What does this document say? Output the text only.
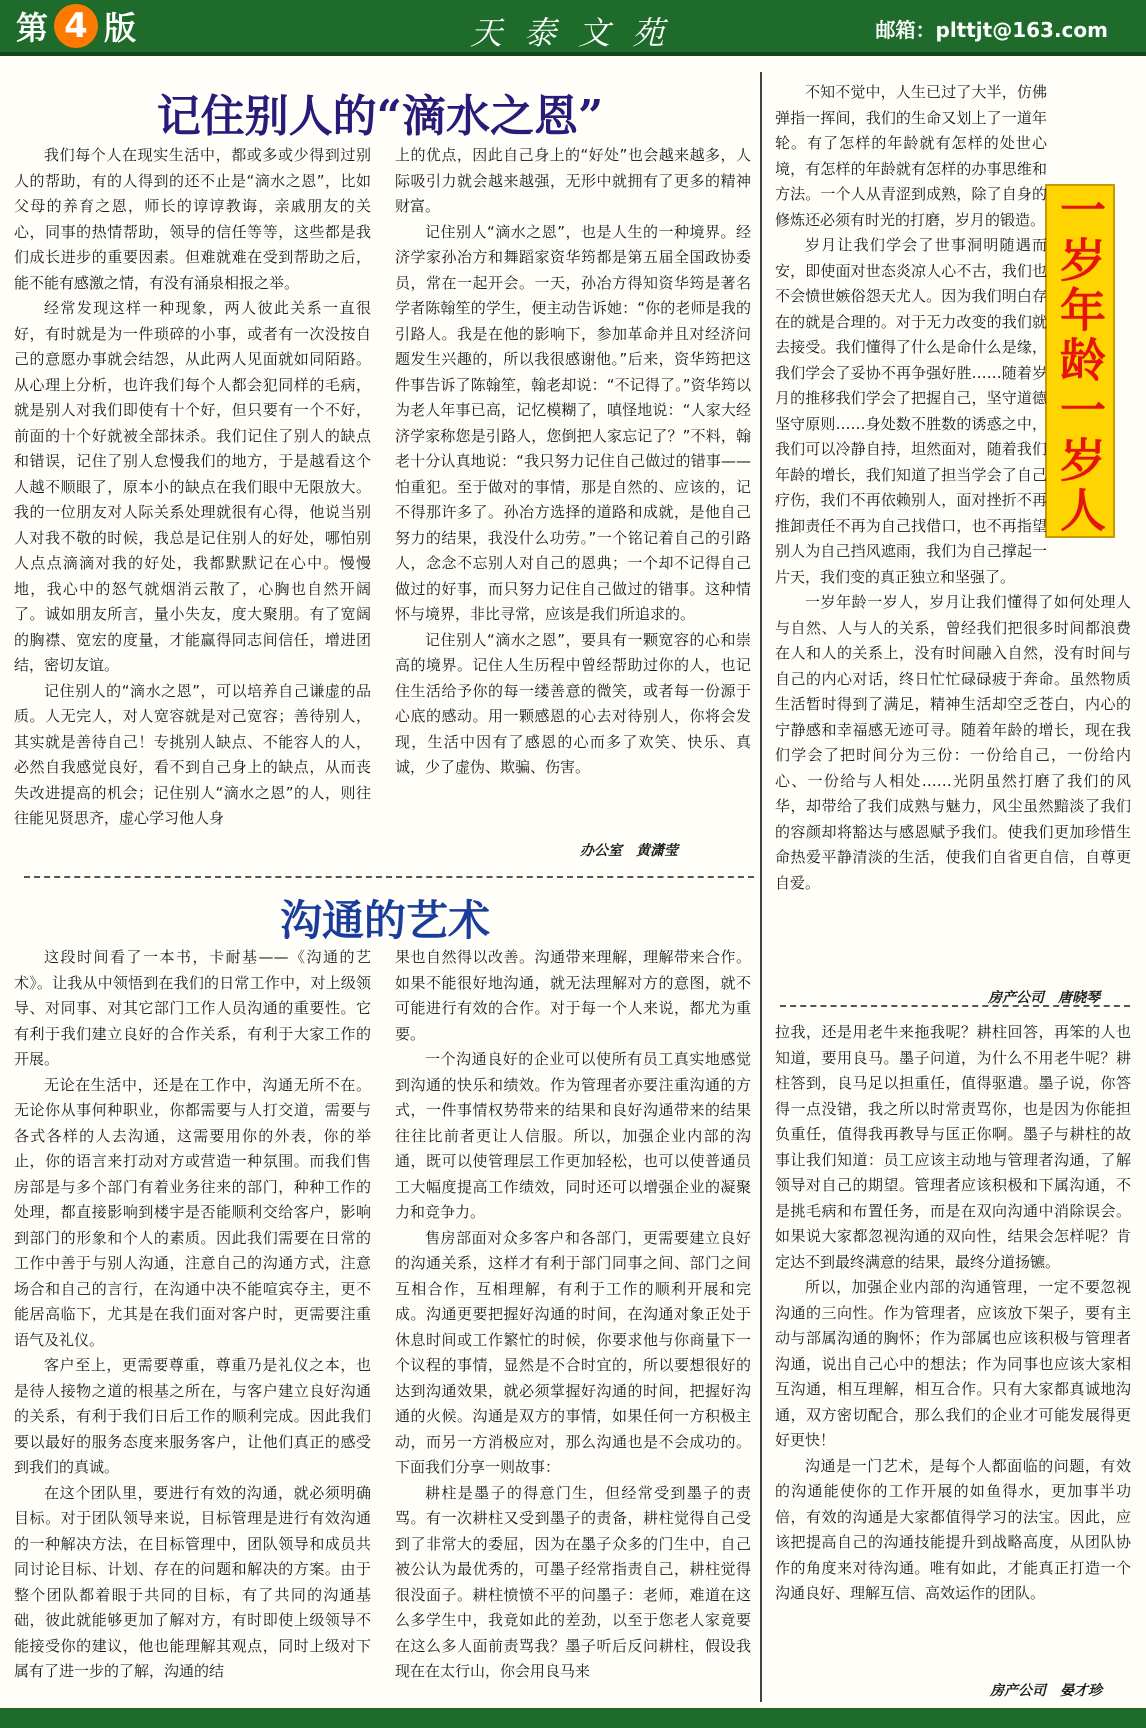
第 4 版	天泰文苑	邮箱：plttjt@163.com
记住别人的“滴水之恩”

我们每个人在现实生活中，都或多或少得到过别人的帮助，有的人得到的还不止是“滴水之恩”，比如父母的养育之恩，师长的谆谆教诲，亲戚朋友的关心，同事的热情帮助，领导的信任等等，这些都是我们成长进步的重要因素。但难就难在受到帮助之后，能不能有感激之情，有没有涌泉相报之举。

经常发现这样一种现象，两人彼此关系一直很好，有时就是为一件琐碎的小事，或者有一次没按自己的意愿办事就会结怨，从此两人见面就如同陌路。从心理上分析，也许我们每个人都会犯同样的毛病，就是别人对我们即使有十个好，但只要有一个不好，前面的十个好就被全部抹杀。我们记住了别人的缺点和错误，记住了别人怠慢我们的地方，于是越看这个人越不顺眼了，原本小的缺点在我们眼中无限放大。我的一位朋友对人际关系处理就很有心得，他说当别人对我不敬的时候，我总是记住别人的好处，哪怕别人点点滴滴对我的好处，我都默默记在心中。慢慢地，我心中的怒气就烟消云散了，心胸也自然开阔了。诚如朋友所言，量小失友，度大聚朋。有了宽阔的胸襟、宽宏的度量，才能赢得同志间信任，增进团结，密切友谊。

记住别人的“滴水之恩”，可以培养自己谦虚的品质。人无完人，对人宽容就是对己宽容；善待别人，其实就是善待自己！专挑别人缺点、不能容人的人，必然自我感觉良好，看不到自己身上的缺点，从而丧失改进提高的机会；记住别人“滴水之恩”的人，则往往能见贤思齐，虚心学习他人身

上的优点，因此自己身上的“好处”也会越来越多，人际吸引力就会越来越强，无形中就拥有了更多的精神财富。

记住别人“滴水之恩”，也是人生的一种境界。经济学家孙冶方和舞蹈家资华筠都是第五届全国政协委员，常在一起开会。一天，孙冶方得知资华筠是著名学者陈翰笙的学生，便主动告诉她：“你的老师是我的引路人。我是在他的影响下，参加革命并且对经济问题发生兴趣的，所以我很感谢他。”后来，资华筠把这件事告诉了陈翰笙，翰老却说：“不记得了。”资华筠以为老人年事已高，记忆模糊了，嗔怪地说：“人家大经济学家称您是引路人，您倒把人家忘记了？”不料，翰老十分认真地说：“我只努力记住自己做过的错事——怕重犯。至于做对的事情，那是自然的、应该的，记不得那许多了。孙冶方选择的道路和成就，是他自己努力的结果，我没什么功劳。”一个铭记着自己的引路人，念念不忘别人对自己的恩典；一个却不记得自己做过的好事，而只努力记住自己做过的错事。这种情怀与境界，非比寻常，应该是我们所追求的。

记住别人“滴水之恩”，要具有一颗宽容的心和崇高的境界。记住人生历程中曾经帮助过你的人，也记住生活给予你的每一缕善意的微笑，或者每一份源于心底的感动。用一颗感恩的心去对待别人，你将会发现，生活中因有了感恩的心而多了欢笑、快乐、真诚，少了虚伪、欺骗、伤害。

办公室　黄潇莹
沟通的艺术

这段时间看了一本书，卡耐基——《沟通的艺术》。让我从中领悟到在我们的日常工作中，对上级领导、对同事、对其它部门工作人员沟通的重要性。它有利于我们建立良好的合作关系，有利于大家工作的开展。

无论在生活中，还是在工作中，沟通无所不在。无论你从事何种职业，你都需要与人打交道，需要与各式各样的人去沟通，这需要用你的外表，你的举止，你的语言来打动对方或营造一种氛围。而我们售房部是与多个部门有着业务往来的部门，种种工作的处理，都直接影响到楼宇是否能顺利交给客户，影响到部门的形象和个人的素质。因此我们需要在日常的工作中善于与别人沟通，注意自己的沟通方式，注意场合和自己的言行，在沟通中决不能喧宾夺主，更不能居高临下，尤其是在我们面对客户时，更需要注重语气及礼仪。

客户至上，更需要尊重，尊重乃是礼仪之本，也是待人接物之道的根基之所在，与客户建立良好沟通的关系，有利于我们日后工作的顺利完成。因此我们要以最好的服务态度来服务客户，让他们真正的感受到我们的真诚。

在这个团队里，要进行有效的沟通，就必须明确目标。对于团队领导来说，目标管理是进行有效沟通的一种解决方法，在目标管理中，团队领导和成员共同讨论目标、计划、存在的问题和解决的方案。由于整个团队都着眼于共同的目标，有了共同的沟通基础，彼此就能够更加了解对方，有时即使上级领导不能接受你的建议，他也能理解其观点，同时上级对下属有了进一步的了解，沟通的结

果也自然得以改善。沟通带来理解，理解带来合作。如果不能很好地沟通，就无法理解对方的意图，就不可能进行有效的合作。对于每一个人来说，都尤为重要。

一个沟通良好的企业可以使所有员工真实地感觉到沟通的快乐和绩效。作为管理者亦要注重沟通的方式，一件事情权势带来的结果和良好沟通带来的结果往往比前者更让人信服。所以，加强企业内部的沟通，既可以使管理层工作更加轻松，也可以使普通员工大幅度提高工作绩效，同时还可以增强企业的凝聚力和竞争力。

售房部面对众多客户和各部门，更需要建立良好的沟通关系，这样才有利于部门同事之间、部门之间互相合作，互相理解，有利于工作的顺利开展和完成。沟通更要把握好沟通的时间，在沟通对象正处于休息时间或工作繁忙的时候，你要求他与你商量下一个议程的事情，显然是不合时宜的，所以要想很好的达到沟通效果，就必须掌握好沟通的时间，把握好沟通的火候。沟通是双方的事情，如果任何一方积极主动，而另一方消极应对，那么沟通也是不会成功的。下面我们分享一则故事：

耕柱是墨子的得意门生，但经常受到墨子的责骂。有一次耕柱又受到墨子的责备，耕柱觉得自己受到了非常大的委屈，因为在墨子众多的门生中，自己被公认为最优秀的，可墨子经常指责自己，耕柱觉得很没面子。耕柱愤愤不平的问墨子：老师，难道在这么多学生中，我竟如此的差劲，以至于您老人家竟要在这么多人面前责骂我？墨子听后反问耕柱，假设我现在在太行山，你会用良马来

拉我，还是用老牛来拖我呢？耕柱回答，再笨的人也知道，要用良马。墨子问道，为什么不用老牛呢？耕柱答到，良马足以担重任，值得驱遣。墨子说，你答得一点没错，我之所以时常责骂你，也是因为你能担负重任，值得我再教导与匡正你啊。墨子与耕柱的故事让我们知道：员工应该主动地与管理者沟通，了解领导对自己的期望。管理者应该积极和下属沟通，不是挑毛病和布置任务，而是在双向沟通中消除误会。如果说大家都忽视沟通的双向性，结果会怎样呢？肯定达不到最终满意的结果，最终分道扬镳。

所以，加强企业内部的沟通管理，一定不要忽视沟通的三向性。作为管理者，应该放下架子，要有主动与部属沟通的胸怀；作为部属也应该积极与管理者沟通，说出自己心中的想法；作为同事也应该大家相互沟通，相互理解，相互合作。只有大家都真诚地沟通，双方密切配合，那么我们的企业才可能发展得更好更快！

沟通是一门艺术，是每个人都面临的问题，有效的沟通能使你的工作开展的如鱼得水，更加事半功倍，有效的沟通是大家都值得学习的法宝。因此，应该把提高自己的沟通技能提升到战略高度，从团队协作的角度来对待沟通。唯有如此，才能真正打造一个沟通良好、理解互信、高效运作的团队。

房产公司　晏才珍
一岁年龄一岁人

不知不觉中，人生已过了大半，仿佛弹指一挥间，我们的生命又划上了一道年轮。有了怎样的年龄就有怎样的处世心境，有怎样的年龄就有怎样的办事思维和方法。一个人从青涩到成熟，除了自身的修炼还必须有时光的打磨，岁月的锻造。

岁月让我们学会了世事洞明随遇而安，即使面对世态炎凉人心不古，我们也不会愤世嫉俗怨天尤人。因为我们明白存在的就是合理的。对于无力改变的我们就去接受。我们懂得了什么是命什么是缘，我们学会了妥协不再争强好胜……随着岁月的推移我们学会了把握自己，坚守道德坚守原则……身处数不胜数的诱惑之中，我们可以冷静自持，坦然面对，随着我们年龄的增长，我们知道了担当学会了自己疗伤，我们不再依赖别人，面对挫折不再推卸责任不再为自己找借口，也不再指望别人为自己挡风遮雨，我们为自己撑起一片天，我们变的真正独立和坚强了。

一岁年龄一岁人，岁月让我们懂得了如何处理人与自然、人与人的关系，曾经我们把很多时间都浪费在人和人的关系上，没有时间融入自然，没有时间与自己的内心对话，终日忙忙碌碌疲于奔命。虽然物质生活暂时得到了满足，精神生活却空乏苍白，内心的宁静感和幸福感无迹可寻。随着年龄的增长，现在我们学会了把时间分为三份：一份给自己，一份给内心、一份给与人相处……光阴虽然打磨了我们的风华，却带给了我们成熟与魅力，风尘虽然黯淡了我们的容颜却将豁达与感恩赋予我们。使我们更加珍惜生命热爱平静清淡的生活，使我们自省更自信，自尊更自爱。

房产公司　唐晓琴
